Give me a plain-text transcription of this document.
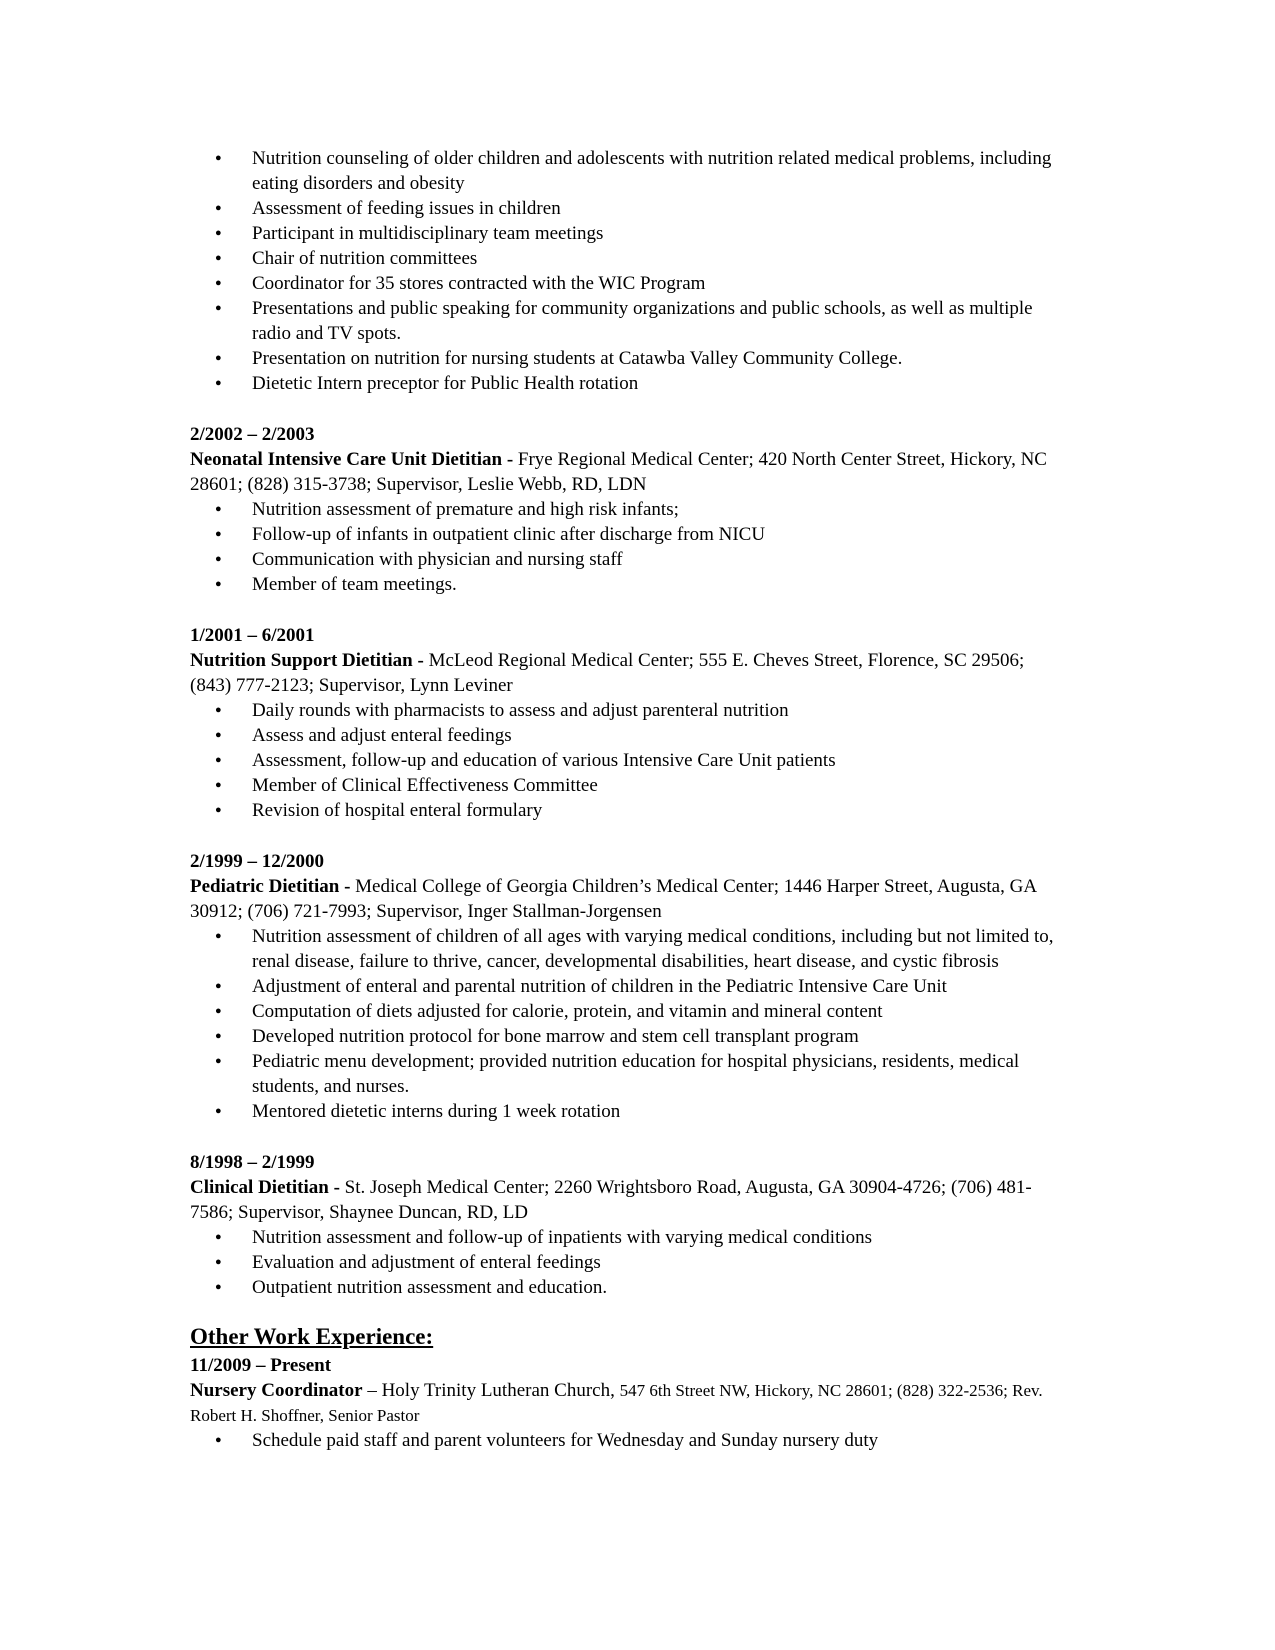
● Nutrition counseling of older children and adolescents with nutrition related medical problems, including eating disorders and obesity
● Assessment of feeding issues in children
● Participant in multidisciplinary team meetings
● Chair of nutrition committees
● Coordinator for 35 stores contracted with the WIC Program
● Presentations and public speaking for community organizations and public schools, as well as multiple radio and TV spots.
● Presentation on nutrition for nursing students at Catawba Valley Community College.
● Dietetic Intern preceptor for Public Health rotation

2/2002 – 2/2003

Neonatal Intensive Care Unit Dietitian - Frye Regional Medical Center; 420 North Center Street, Hickory, NC 28601; (828) 315-3738; Supervisor, Leslie Webb, RD, LDN

● Nutrition assessment of premature and high risk infants;
● Follow-up of infants in outpatient clinic after discharge from NICU
● Communication with physician and nursing staff
● Member of team meetings.

1/2001 – 6/2001

Nutrition Support Dietitian - McLeod Regional Medical Center; 555 E. Cheves Street, Florence, SC 29506; (843) 777-2123; Supervisor, Lynn Leviner

● Daily rounds with pharmacists to assess and adjust parenteral nutrition
● Assess and adjust enteral feedings
● Assessment, follow-up and education of various Intensive Care Unit patients
● Member of Clinical Effectiveness Committee
● Revision of hospital enteral formulary

2/1999 – 12/2000

Pediatric Dietitian - Medical College of Georgia Children’s Medical Center; 1446 Harper Street, Augusta, GA 30912; (706) 721-7993; Supervisor, Inger Stallman-Jorgensen

● Nutrition assessment of children of all ages with varying medical conditions, including but not limited to, renal disease, failure to thrive, cancer, developmental disabilities, heart disease, and cystic fibrosis
● Adjustment of enteral and parental nutrition of children in the Pediatric Intensive Care Unit
● Computation of diets adjusted for calorie, protein, and vitamin and mineral content
● Developed nutrition protocol for bone marrow and stem cell transplant program
● Pediatric menu development; provided nutrition education for hospital physicians, residents, medical students, and nurses.
● Mentored dietetic interns during 1 week rotation

8/1998 – 2/1999

Clinical Dietitian - St. Joseph Medical Center; 2260 Wrightsboro Road, Augusta, GA 30904-4726; (706) 481-7586; Supervisor, Shaynee Duncan, RD, LD

● Nutrition assessment and follow-up of inpatients with varying medical conditions
● Evaluation and adjustment of enteral feedings
● Outpatient nutrition assessment and education.
Other Work Experience:

11/2009 – Present

Nursery Coordinator – Holy Trinity Lutheran Church, 547 6th Street NW, Hickory, NC 28601; (828) 322-2536; Rev. Robert H. Shoffner, Senior Pastor

● Schedule paid staff and parent volunteers for Wednesday and Sunday nursery duty
